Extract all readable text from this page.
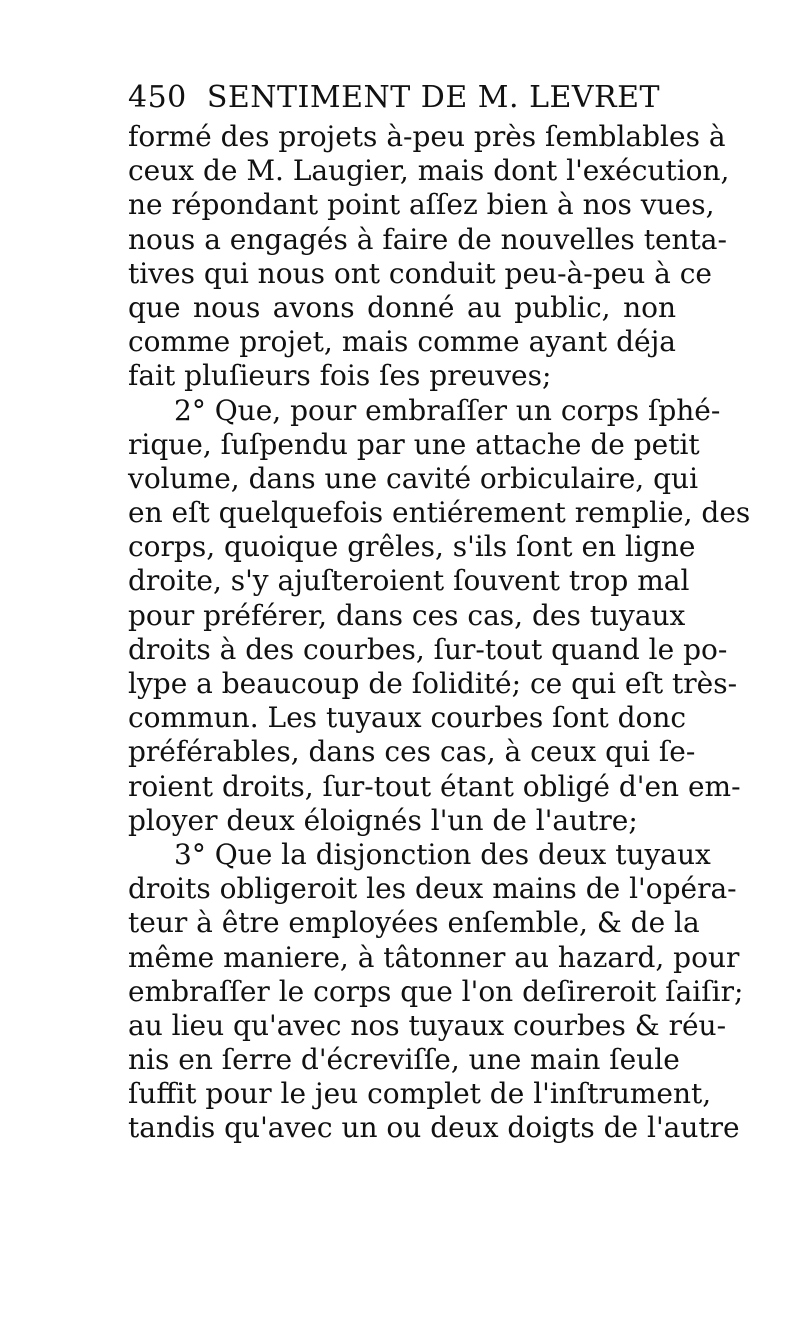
450 SENTIMENT DE M. LEVRET
formé des projets à-peu près ſemblables à
ceux de M. Laugier, mais dont l'exécution,
ne répondant point aſſez bien à nos vues,
nous a engagés à faire de nouvelles tenta-
tives qui nous ont conduit peu-à-peu à ce
que nous avons donné au public, non
comme projet, mais comme ayant déja
fait pluſieurs fois ſes preuves;
2° Que, pour embraſſer un corps ſphé-
rique, ſuſpendu par une attache de petit
volume, dans une cavité orbiculaire, qui
en eſt quelquefois entiérement remplie, des
corps, quoique grêles, s'ils ſont en ligne
droite, s'y ajuſteroient ſouvent trop mal
pour préférer, dans ces cas, des tuyaux
droits à des courbes, ſur-tout quand le po-
lype a beaucoup de ſolidité; ce qui eſt très-
commun. Les tuyaux courbes ſont donc
préférables, dans ces cas, à ceux qui ſe-
roient droits, ſur-tout étant obligé d'en em-
ployer deux éloignés l'un de l'autre;
3° Que la disjonction des deux tuyaux
droits obligeroit les deux mains de l'opéra-
teur à être employées enſemble, & de la
même maniere, à tâtonner au hazard, pour
embraſſer le corps que l'on deſireroit ſaiſir;
au lieu qu'avec nos tuyaux courbes & réu-
nis en ſerre d'écreviſſe, une main ſeule
ſuffit pour le jeu complet de l'inſtrument,
tandis qu'avec un ou deux doigts de l'autre
